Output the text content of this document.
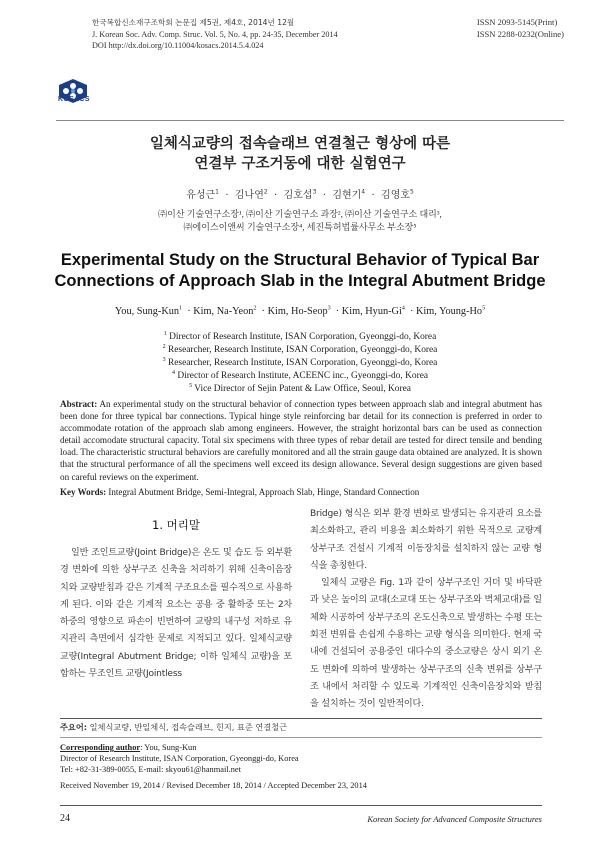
KOSACS
한국복합신소재구조학회 논문집 제5권, 제4호, 2014년 12월
J. Korean Soc. Adv. Comp. Struc. Vol. 5, No. 4, pp. 24-35, December 2014
DOI http://dx.doi.org/10.11004/kosacs.2014.5.4.024
ISSN 2093-5145(Print)
ISSN 2288-0232(Online)
일체식교량의 접속슬래브 연결철근 형상에 따른
연결부 구조거동에 대한 실험연구
유성근$^1$  ·  김나연$^2$  ·  김호섭$^3$  ·  김현기$^4$  ·  김영호$^5$
㈜이산 기술연구소장¹, ㈜이산 기술연구소 과장², ㈜이산 기술연구소 대리³,
㈜에이스이앤씨 기술연구소장⁴, 세진특허법률사무소 부소장⁵
Experimental Study on the Structural Behavior of Typical Bar
Connections of Approach Slab in the Integral Abutment Bridge
You, Sung-Kun$^1$  · Kim, Na-Yeon$^2$  · Kim, Ho-Seop$^3$  · Kim, Hyun-Gi$^4$  · Kim, Young-Ho$^5$
$^1$ Director of Research Institute, ISAN Corporation, Gyeonggi-do, Korea
$^2$ Researcher, Research Institute, ISAN Corporation, Gyeonggi-do, Korea
$^3$ Researcher, Research Institute, ISAN Corporation, Gyeonggi-do, Korea
$^4$ Director of Research Institute, ACEENC inc., Gyeonggi-do, Korea
$^5$ Vice Director of Sejin Patent & Law Office, Seoul, Korea
Abstract: An experimental study on the structural behavior of connection types between approach slab and integral abutment has been done for three typical bar connections. Typical hinge style reinforcing bar detail for its connection is preferred in order to accommodate rotation of the approach slab among engineers. However, the straight horizontal bars can be used as connection detail accomodate structural capacity. Total six specimens with three types of rebar detail are tested for direct tensile and bending load. The characteristic structural behaviors are carefully monitored and all the strain gauge data obtained are analyzed. It is shown that the structural performance of all the specimens well exceed its design allowance. Several design suggestions are given based on careful reviews on the experiment.
Key Words: Integral Abutment Bridge, Semi-Integral, Approach Slab, Hinge, Standard Connection
1. 머리말

일반 조인트교량(Joint Bridge)은 온도 및 습도 등 외부환경 변화에 의한 상부구조 신축을 처리하기 위해 신축이음장치와 교량받침과 같은 기계적 구조요소를 필수적으로 사용하게 된다. 이와 같은 기계적 요소는 공용 중 활하중 또는 2차 하중의 영향으로 파손이 빈번하여 교량의 내구성 저하로 유지관리 측면에서 심각한 문제로 지적되고 있다. 일체식교량 교량(Integral Abutment Bridge; 이하 일체식 교량)을 포함하는 무조인트 교량(Jointless

Bridge) 형식은 외부 환경 변화로 발생되는 유지관리 요소를 최소화하고, 관리 비용을 최소화하기 위한 목적으로 교량계 상부구조 건설시 기계적 이동장치를 설치하지 않는 교량 형식을 총칭한다.

일체식 교량은 Fig. 1과 같이 상부구조인 거더 및 바닥판과 낮은 높이의 교대(소교대 또는 상부구조와 벽체교대)를 일체화 시공하여 상부구조의 온도신축으로 발생하는 수평 또는 회전 변위를 손쉽게 수용하는 교량 형식을 의미한다. 현재 국내에 건설되어 공용중인 대다수의 중소교량은 상시 외기 온도 변화에 의하여 발생하는 상부구조의 신축 변위를 상부구조 내에서 처리할 수 있도록 기계적인 신축이음장치와 받침을 설치하는 것이 일반적이다.

주요어: 일체식교량, 반일체식, 접속슬래브, 힌지, 표준 연결철근
Corresponding author: You, Sung-Kun
Director of Research Institute, ISAN Corporation, Gyeonggi-do, Korea
Tel: +82-31-389-0055, E-mail: skyou61@hanmail.net
Received November 19, 2014 / Revised December 18, 2014 / Accepted December 23, 2014
24	Korean Society for Advanced Composite Structures
